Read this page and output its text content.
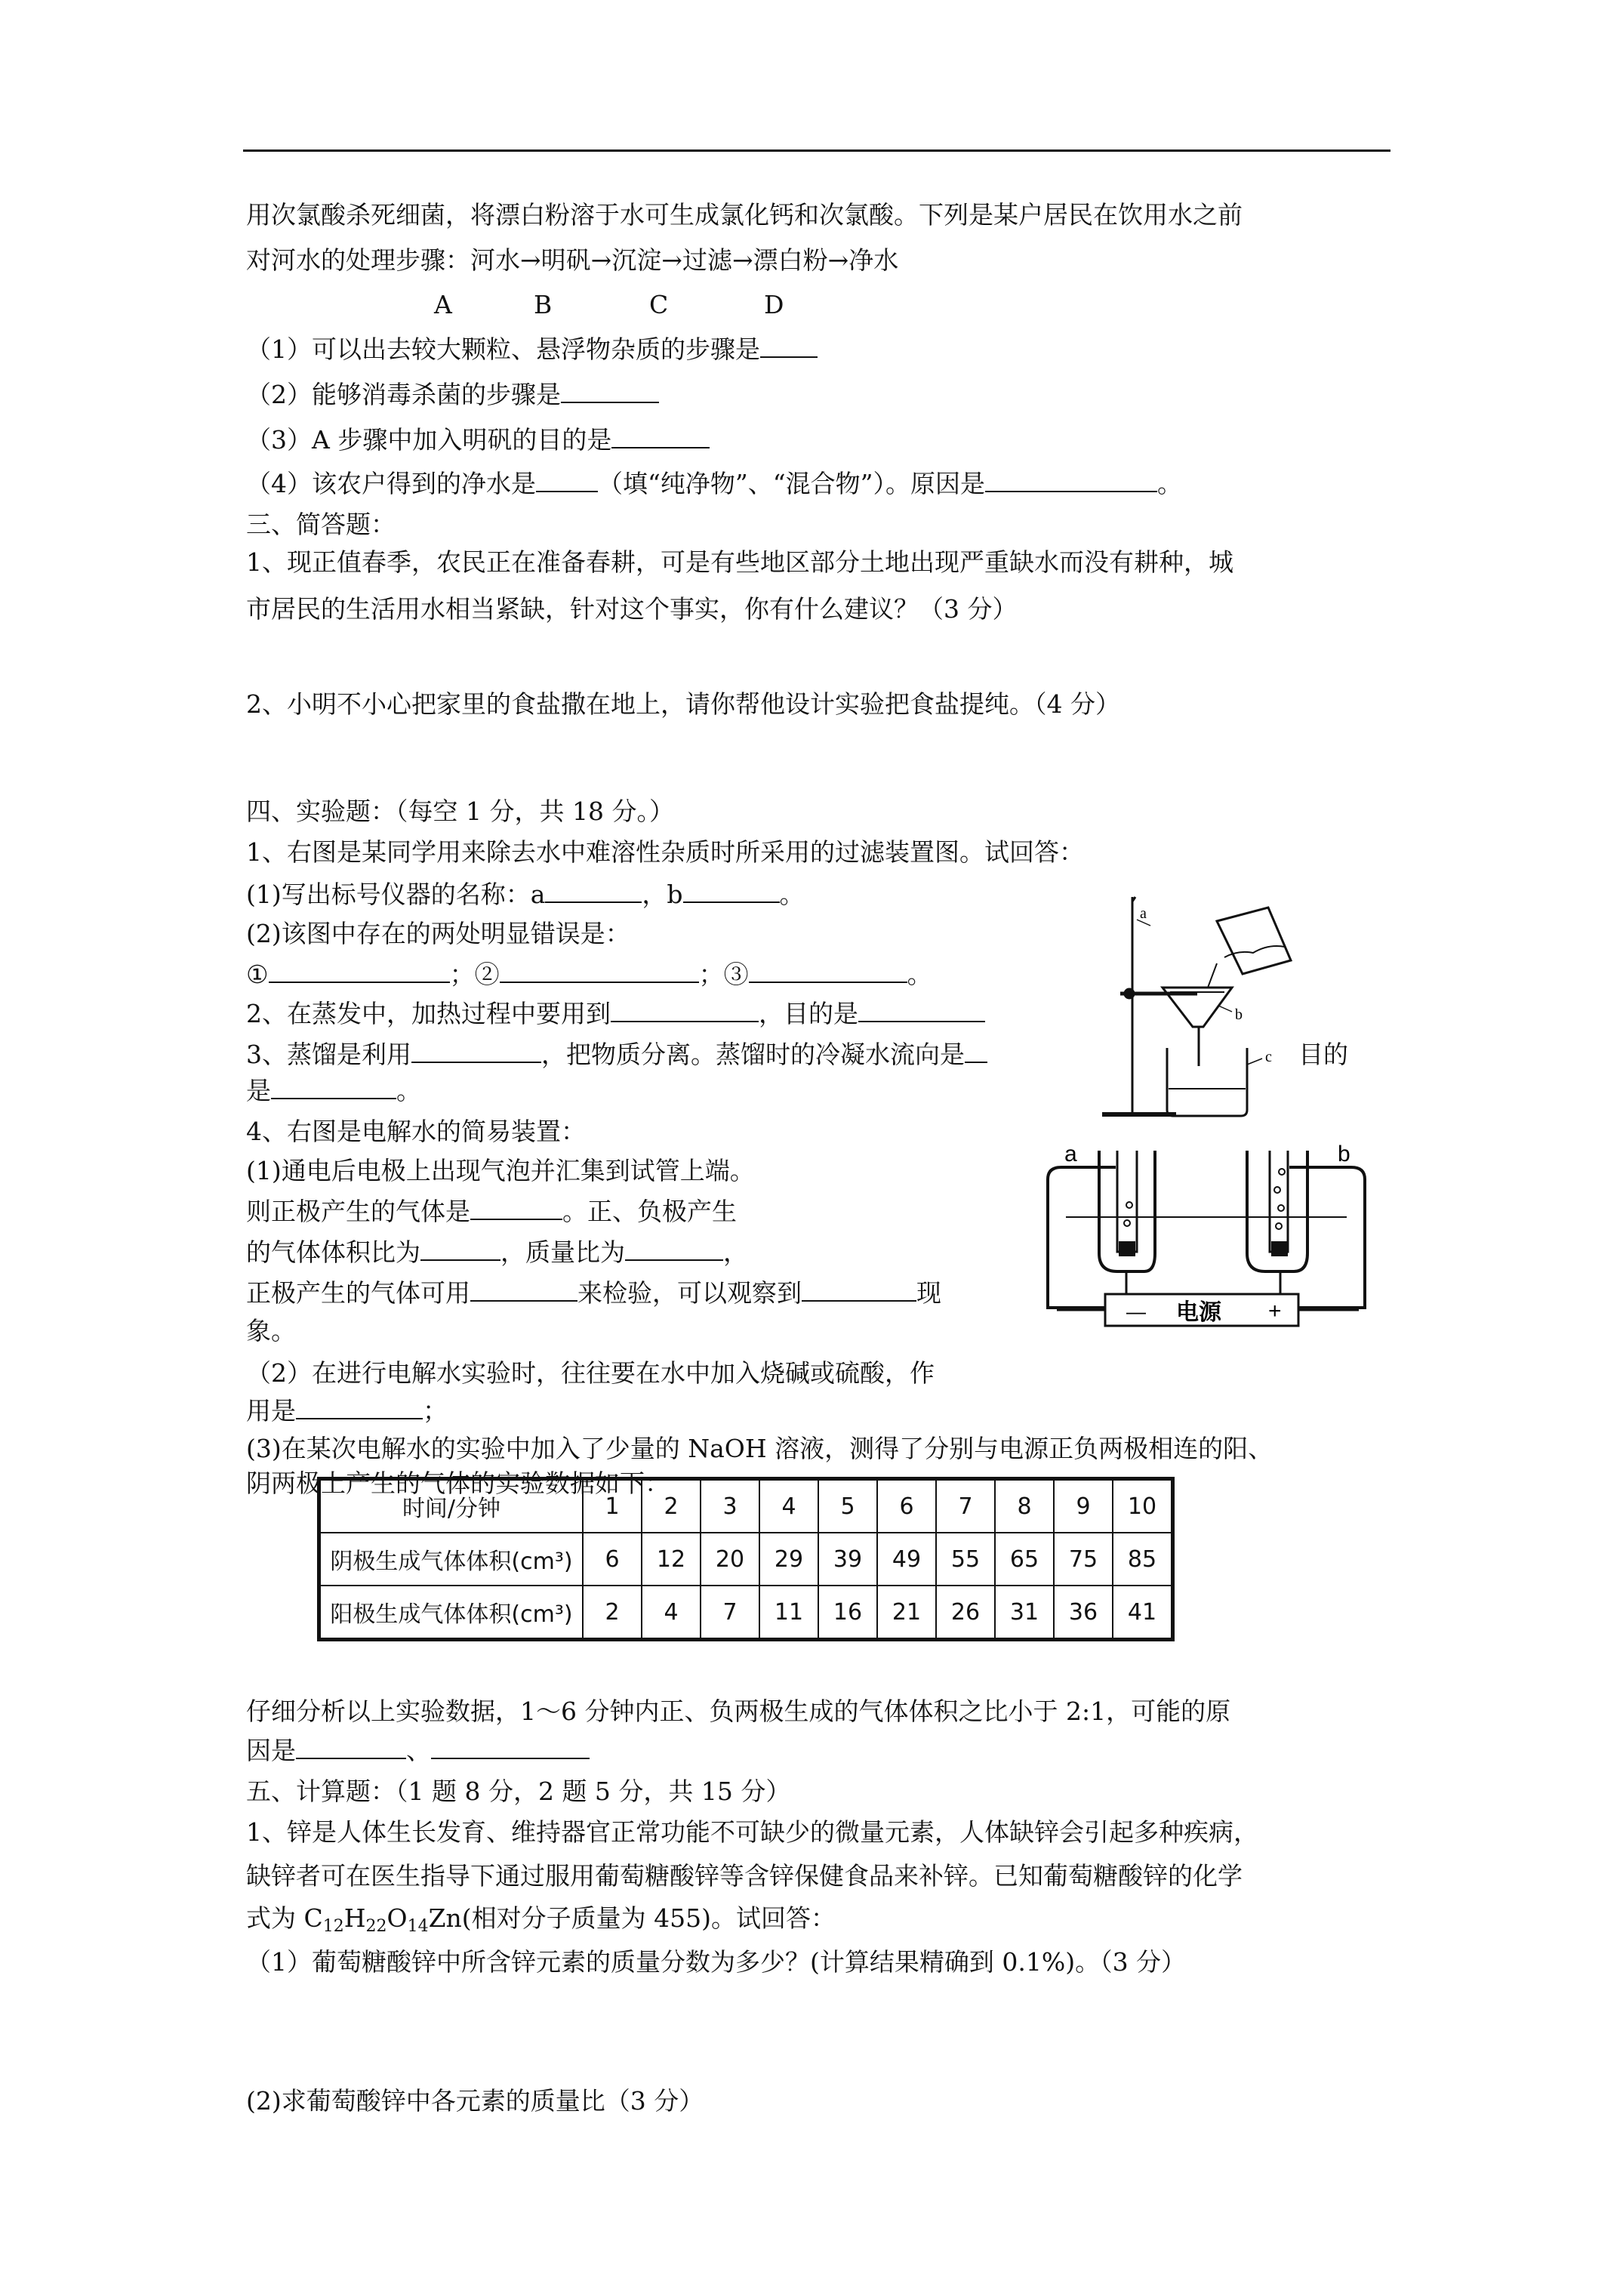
用次氯酸杀死细菌，将漂白粉溶于水可生成氯化钙和次氯酸。下列是某户居民在饮用水之前
对河水的处理步骤：河水→明矾→沉淀→过滤→漂白粉→净水
A	B	C	D
（1）可以出去较大颗粒、悬浮物杂质的步骤是
（2）能够消毒杀菌的步骤是
（3）A 步骤中加入明矾的目的是
（4）该农户得到的净水是 （填“纯净物”、“混合物”）。原因是	。
三、简答题：
1、现正值春季，农民正在准备春耕，可是有些地区部分土地出现严重缺水而没有耕种，城
市居民的生活用水相当紧缺，针对这个事实，你有什么建议？（3 分）
2、小明不小心把家里的食盐撒在地上，请你帮他设计实验把食盐提纯。（4 分）
四、实验题：（每空 1 分，共 18 分。）
1、右图是某同学用来除去水中难溶性杂质时所采用的过滤装置图。试回答：
(1)写出标号仪器的名称：a	，b	。
(2)该图中存在的两处明显错误是：
①	；②	；③	。
2、在蒸发中，加热过程中要用到	，目的是
3、蒸馏是利用	，把物质分离。蒸馏时的冷凝水流向是	目的
是	。
4、右图是电解水的简易装置：
(1)通电后电极上出现气泡并汇集到试管上端。
则正极产生的气体是	。正、负极产生
的气体体积比为	，质量比为	，
正极产生的气体可用	来检验，可以观察到	现
象。
（2）在进行电解水实验时，往往要在水中加入烧碱或硫酸，作
用是	；
(3)在某次电解水的实验中加入了少量的 NaOH 溶液，测得了分别与电源正负两极相连的阳、
a
b
c
a	b
— 电源 +
阴两极上产生的气体的实验数据如下：
时间/分钟	1	2	3	4	5	6	7	8	9	10
阴极生成气体体积(cm³)	6	12	20	29	39	49	55	65	75	85
阳极生成气体体积(cm³)	2	4	7	11	16	21	26	31	36	41
仔细分析以上实验数据，1～6 分钟内正、负两极生成的气体体积之比小于 2:1，可能的原
因是	、
五、计算题：（1 题 8 分，2 题 5 分，共 15 分）
1、锌是人体生长发育、维持器官正常功能不可缺少的微量元素，人体缺锌会引起多种疾病，
缺锌者可在医生指导下通过服用葡萄糖酸锌等含锌保健食品来补锌。已知葡萄糖酸锌的化学
式为 $C_{12}H_{22}O_{14}Zn$(相对分子质量为 455)。试回答：
（1）葡萄糖酸锌中所含锌元素的质量分数为多少？(计算结果精确到 0.1%)。（3 分）
(2)求葡萄酸锌中各元素的质量比（3 分）
